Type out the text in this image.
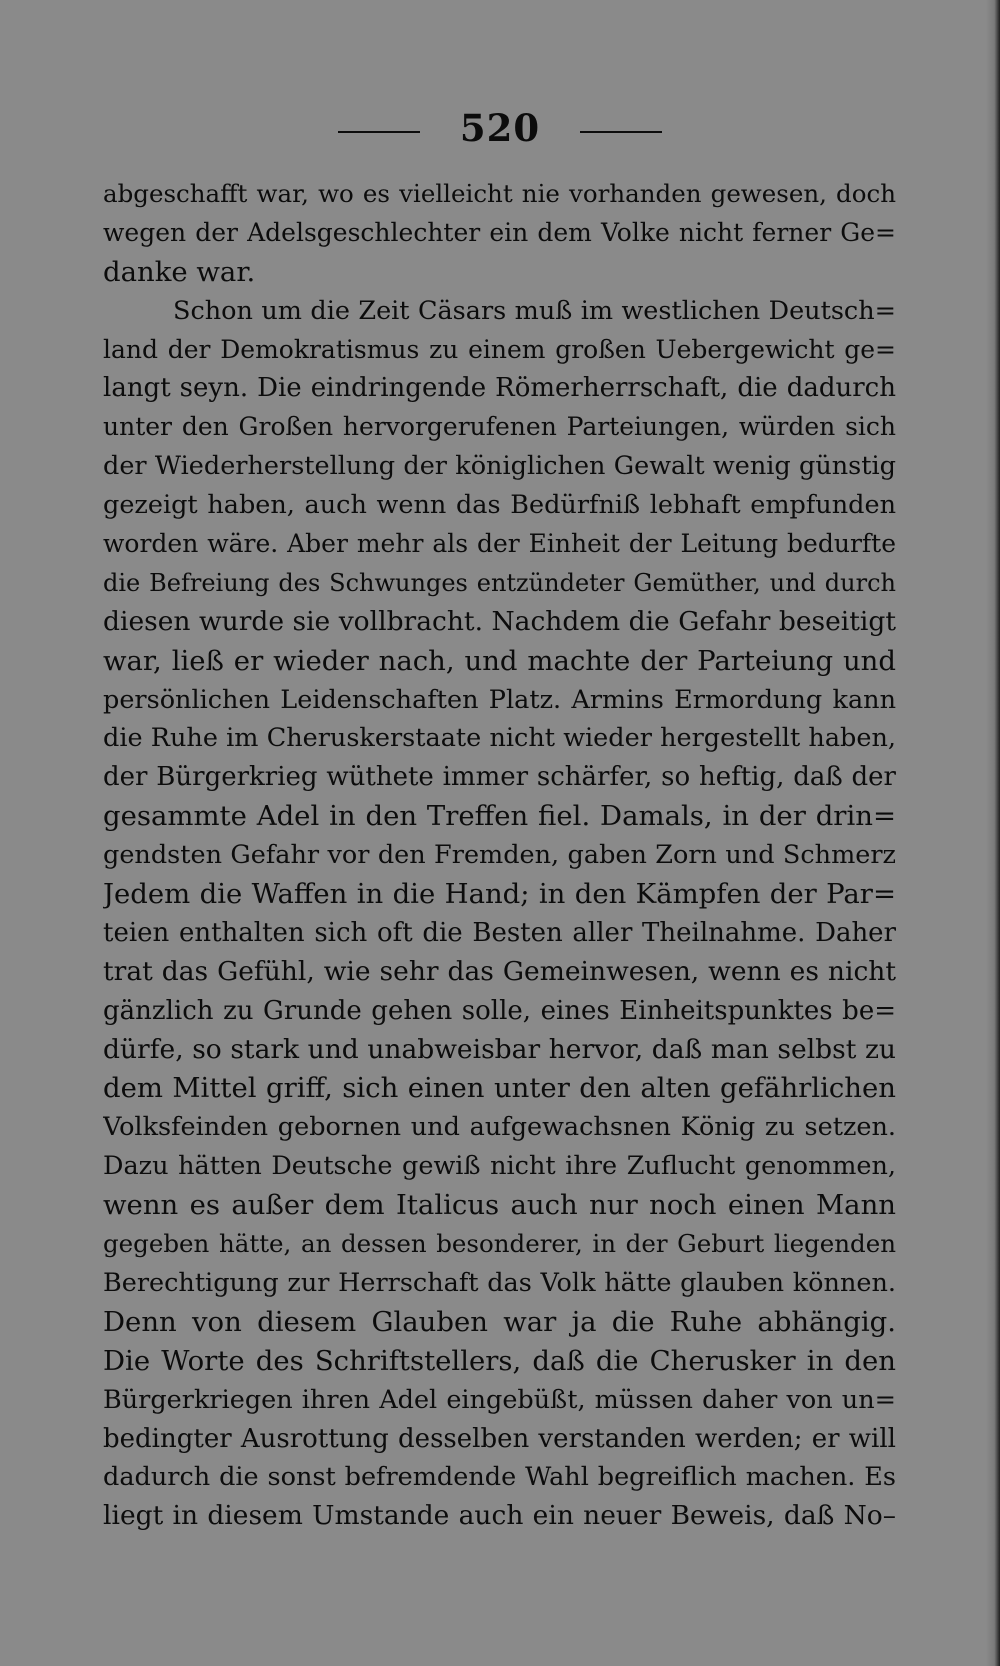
520
abgeschafft war, wo es vielleicht nie vorhanden gewesen, doch
wegen der Adelsgeschlechter ein dem Volke nicht ferner Ge=
danke war.
Schon um die Zeit Cäsars muß im westlichen Deutsch=
land der Demokratismus zu einem großen Uebergewicht ge=
langt seyn. Die eindringende Römerherrschaft, die dadurch
unter den Großen hervorgerufenen Parteiungen, würden sich
der Wiederherstellung der königlichen Gewalt wenig günstig
gezeigt haben, auch wenn das Bedürfniß lebhaft empfunden
worden wäre. Aber mehr als der Einheit der Leitung bedurfte
die Befreiung des Schwunges entzündeter Gemüther, und durch
diesen wurde sie vollbracht. Nachdem die Gefahr beseitigt
war, ließ er wieder nach, und machte der Parteiung und
persönlichen Leidenschaften Platz. Armins Ermordung kann
die Ruhe im Cheruskerstaate nicht wieder hergestellt haben,
der Bürgerkrieg wüthete immer schärfer, so heftig, daß der
gesammte Adel in den Treffen fiel. Damals, in der drin=
gendsten Gefahr vor den Fremden, gaben Zorn und Schmerz
Jedem die Waffen in die Hand; in den Kämpfen der Par=
teien enthalten sich oft die Besten aller Theilnahme. Daher
trat das Gefühl, wie sehr das Gemeinwesen, wenn es nicht
gänzlich zu Grunde gehen solle, eines Einheitspunktes be=
dürfe, so stark und unabweisbar hervor, daß man selbst zu
dem Mittel griff, sich einen unter den alten gefährlichen
Volksfeinden gebornen und aufgewachsnen König zu setzen.
Dazu hätten Deutsche gewiß nicht ihre Zuflucht genommen,
wenn es außer dem Italicus auch nur noch einen Mann
gegeben hätte, an dessen besonderer, in der Geburt liegenden
Berechtigung zur Herrschaft das Volk hätte glauben können.
Denn von diesem Glauben war ja die Ruhe abhängig.
Die Worte des Schriftstellers, daß die Cherusker in den
Bürgerkriegen ihren Adel eingebüßt, müssen daher von un=
bedingter Ausrottung desselben verstanden werden; er will
dadurch die sonst befremdende Wahl begreiflich machen. Es
liegt in diesem Umstande auch ein neuer Beweis, daß No–
